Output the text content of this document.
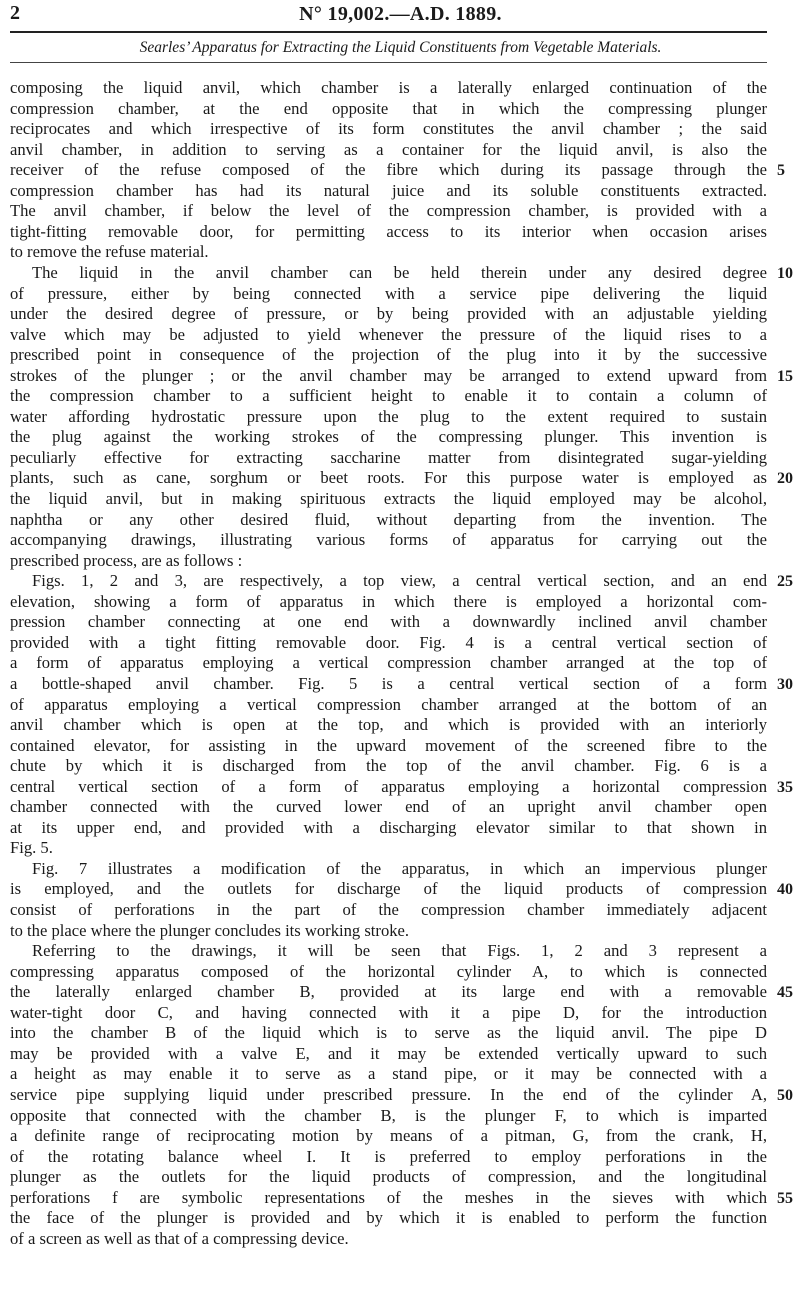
2	N° 19,002.—A.D. 1889.
Searles’ Apparatus for Extracting the Liquid Constituents from Vegetable Materials.
composing the liquid anvil, which chamber is a laterally enlarged continuation of the
compression chamber, at the end opposite that in which the compressing plunger
reciprocates and which irrespective of its form constitutes the anvil chamber ; the said
anvil chamber, in addition to serving as a container for the liquid anvil, is also the
receiver of the refuse composed of the fibre which during its passage through the
compression chamber has had its natural juice and its soluble constituents extracted.
The anvil chamber, if below the level of the compression chamber, is provided with a
tight-fitting removable door, for permitting access to its interior when occasion arises
to remove the refuse material.
The liquid in the anvil chamber can be held therein under any desired degree
of pressure, either by being connected with a service pipe delivering the liquid
under the desired degree of pressure, or by being provided with an adjustable yielding
valve which may be adjusted to yield whenever the pressure of the liquid rises to a
prescribed point in consequence of the projection of the plug into it by the successive
strokes of the plunger ; or the anvil chamber may be arranged to extend upward from
the compression chamber to a sufficient height to enable it to contain a column of
water affording hydrostatic pressure upon the plug to the extent required to sustain
the plug against the working strokes of the compressing plunger. This invention is
peculiarly effective for extracting saccharine matter from disintegrated sugar-yielding
plants, such as cane, sorghum or beet roots. For this purpose water is employed as
the liquid anvil, but in making spirituous extracts the liquid employed may be alcohol,
naphtha or any other desired fluid, without departing from the invention. The
accompanying drawings, illustrating various forms of apparatus for carrying out the
prescribed process, are as follows :
Figs. 1, 2 and 3, are respectively, a top view, a central vertical section, and an end
elevation, showing a form of apparatus in which there is employed a horizontal com-
pression chamber connecting at one end with a downwardly inclined anvil chamber
provided with a tight fitting removable door. Fig. 4 is a central vertical section of
a form of apparatus employing a vertical compression chamber arranged at the top of
a bottle-shaped anvil chamber. Fig. 5 is a central vertical section of a form
of apparatus employing a vertical compression chamber arranged at the bottom of an
anvil chamber which is open at the top, and which is provided with an interiorly
contained elevator, for assisting in the upward movement of the screened fibre to the
chute by which it is discharged from the top of the anvil chamber. Fig. 6 is a
central vertical section of a form of apparatus employing a horizontal compression
chamber connected with the curved lower end of an upright anvil chamber open
at its upper end, and provided with a discharging elevator similar to that shown in
Fig. 5.
Fig. 7 illustrates a modification of the apparatus, in which an impervious plunger
is employed, and the outlets for discharge of the liquid products of compression
consist of perforations in the part of the compression chamber immediately adjacent
to the place where the plunger concludes its working stroke.
Referring to the drawings, it will be seen that Figs. 1, 2 and 3 represent a
compressing apparatus composed of the horizontal cylinder A, to which is connected
the laterally enlarged chamber B, provided at its large end with a removable
water-tight door C, and having connected with it a pipe D, for the introduction
into the chamber B of the liquid which is to serve as the liquid anvil. The pipe D
may be provided with a valve E, and it may be extended vertically upward to such
a height as may enable it to serve as a stand pipe, or it may be connected with a
service pipe supplying liquid under prescribed pressure. In the end of the cylinder A,
opposite that connected with the chamber B, is the plunger F, to which is imparted
a definite range of reciprocating motion by means of a pitman, G, from the crank, H,
of the rotating balance wheel I. It is preferred to employ perforations in the
plunger as the outlets for the liquid products of compression, and the longitudinal
perforations f are symbolic representations of the meshes in the sieves with which
the face of the plunger is provided and by which it is enabled to perform the function
of a screen as well as that of a compressing device.
5
10
15
20
25
30
35
40
45
50
55
